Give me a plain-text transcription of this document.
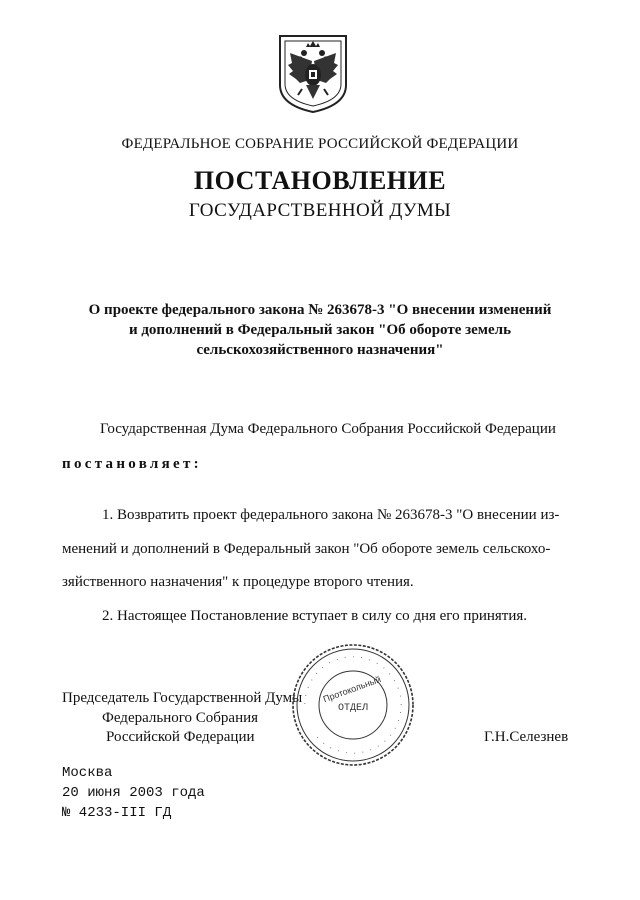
ФЕДЕРАЛЬНОЕ СОБРАНИЕ РОССИЙСКОЙ ФЕДЕРАЦИИ
ПОСТАНОВЛЕНИЕ
ГОСУДАРСТВЕННОЙ ДУМЫ
О проекте федерального закона № 263678-3 "О внесении изменений
и дополнений в Федеральный закон "Об обороте земель
сельскохозяйственного назначения"
Государственная Дума Федерального Собрания Российской Федерации
постановляет:
1. Возвратить проект федерального закона № 263678-3 "О внесении из-
менений и дополнений в Федеральный закон "Об обороте земель сельскохо-
зяйственного назначения" к процедуре второго чтения.
2. Настоящее Постановление вступает в силу со дня его принятия.
Председатель Государственной Думы
Федерального Собрания
Российской Федерации	Г.Н.Селезнев
· · · · · · · · · · · · · · · · · · · · · · · · · · · · · · · · ·
Протокольный
ОТДЕЛ
Москва
20 июня 2003 года
№ 4233-III ГД
